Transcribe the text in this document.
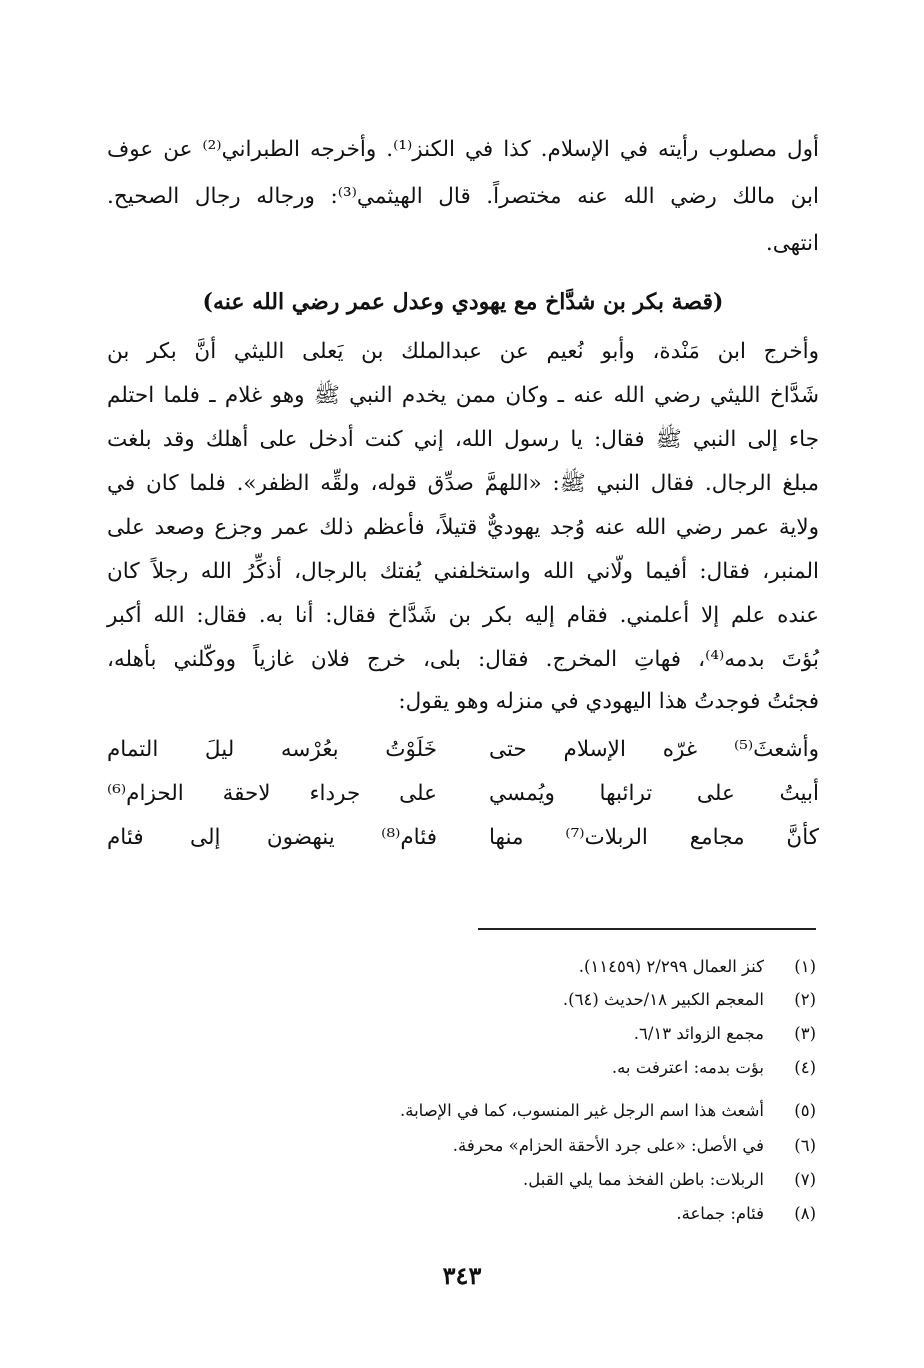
أول مصلوب رأيته في الإسلام. كذا في الكنز⁽¹⁾. وأخرجه الطبراني⁽²⁾ عن عوف
ابن مالك رضي الله عنه مختصراً. قال الهيثمي⁽³⁾: ورجاله رجال الصحيح.
انتهى.
(قصة بكر بن شدَّاخ مع يهودي وعدل عمر رضي الله عنه)
وأخرج ابن مَنْدة، وأبو نُعيم عن عبدالملك بن يَعلى الليثي أنَّ بكر بن
شَدَّاخ الليثي رضي الله عنه ـ وكان ممن يخدم النبي ﷺ وهو غلام ـ فلما احتلم
جاء إلى النبي ﷺ فقال: يا رسول الله، إني كنت أدخل على أهلك وقد بلغت
مبلغ الرجال. فقال النبي ﷺ: «اللهمَّ صدِّق قوله، ولقِّه الظفر». فلما كان في
ولاية عمر رضي الله عنه وُجد يهوديٌّ قتيلاً، فأعظم ذلك عمر وجزع وصعد على
المنبر، فقال: أفيما ولّاني الله واستخلفني يُفتك بالرجال، أذكِّرُ الله رجلاً كان
عنده علم إلا أعلمني. فقام إليه بكر بن شَدَّاخ فقال: أنا به. فقال: الله أكبر
بُؤتَ بدمه⁽⁴⁾، فهاتِ المخرج. فقال: بلى، خرج فلان غازياً ووكّلني بأهله،
فجئتُ فوجدتُ هذا اليهودي في منزله وهو يقول:
وأشعثَ⁽⁵⁾ غرّه الإسلام حتى
خَلَوْتُ بعُرْسه ليلَ التمام
أبيتُ على ترائبها ويُمسي
على جرداء لاحقة الحزام⁽⁶⁾
كأنَّ مجامع الربلات⁽⁷⁾ منها
فئام⁽⁸⁾ ينهضون إلى فئام
(١)
كنز العمال ٢/٢٩٩ (١١٤٥٩).
(٢)
المعجم الكبير ١٨/حديث (٦٤).
(٣)
مجمع الزوائد ٦/١٣.
(٤)
بؤت بدمه: اعترفت به.
(٥)
أشعث هذا اسم الرجل غير المنسوب، كما في الإصابة.
(٦)
في الأصل: «على جرد الأحقة الحزام» محرفة.
(٧)
الربلات: باطن الفخذ مما يلي القبل.
(٨)
فئام: جماعة.
٣٤٣
